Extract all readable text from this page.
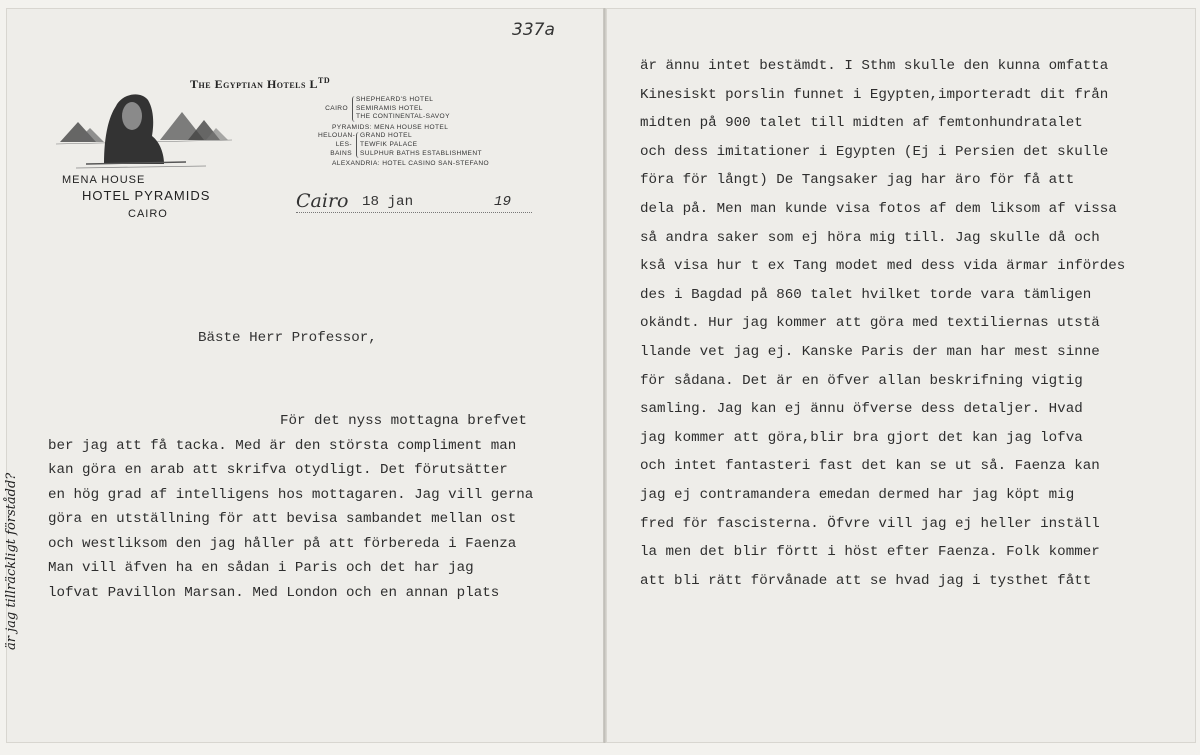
337a
The Egyptian Hotels $L^{TD}$
MENA HOUSE
HOTEL PYRAMIDS
CAIRO
CAIRO
SHEPHEARD'S HOTEL
SEMIRAMIS HOTEL
THE CONTINENTAL-SAVOY
PYRAMIDS: MENA HOUSE HOTEL
HELOUAN-LES-BAINS
GRAND HOTEL
TEWFIK PALACE
SULPHUR BATHS ESTABLISHMENT
ALEXANDRIA: HOTEL CASINO SAN-STEFANO
Cairo 18 jan	19
Bäste Herr Professor,
För det nyss mottagna brefvet
ber jag att få tacka. Med är den största compliment man
kan göra en arab att skrifva otydligt. Det förutsätter
en hög grad af intelligens hos mottagaren. Jag vill gerna
göra en utställning för att bevisa sambandet mellan ost
och westliksom den jag håller på att förbereda i Faenza
Man vill äfven ha en sådan i Paris och det har jag
lofvat Pavillon Marsan. Med London och en annan plats
är ännu intet bestämdt. I Sthm skulle den kunna omfatta
Kinesiskt porslin funnet i Egypten,importeradt dit från
midten på 900 talet till midten af femtonhundratalet
och dess imitationer i Egypten (Ej i Persien det skulle
föra för långt) De Tangsaker jag har äro för få att
dela på. Men man kunde visa fotos af dem liksom af vissa
så andra saker som ej höra mig till. Jag skulle då och
kså visa hur t ex Tang modet med dess vida ärmar infördes
des i Bagdad på 860 talet hvilket torde vara tämligen
okändt. Hur jag kommer att göra med textiliernas utstä
llande vet jag ej. Kanske Paris der man har mest sinne
för sådana. Det är en öfver allan beskrifning vigtig
samling. Jag kan ej ännu öfverse dess detaljer. Hvad
jag kommer att göra,blir bra gjort det kan jag lofva
och intet fantasteri fast det kan se ut så. Faenza kan
jag ej contramandera emedan dermed har jag köpt mig
fred för fascisterna. Öfvre vill jag ej heller inställ
la men det blir förtt i höst efter Faenza. Folk kommer
att bli rätt förvånade att se hvad jag i tysthet fått
är jag tillräckligt förstådd?
